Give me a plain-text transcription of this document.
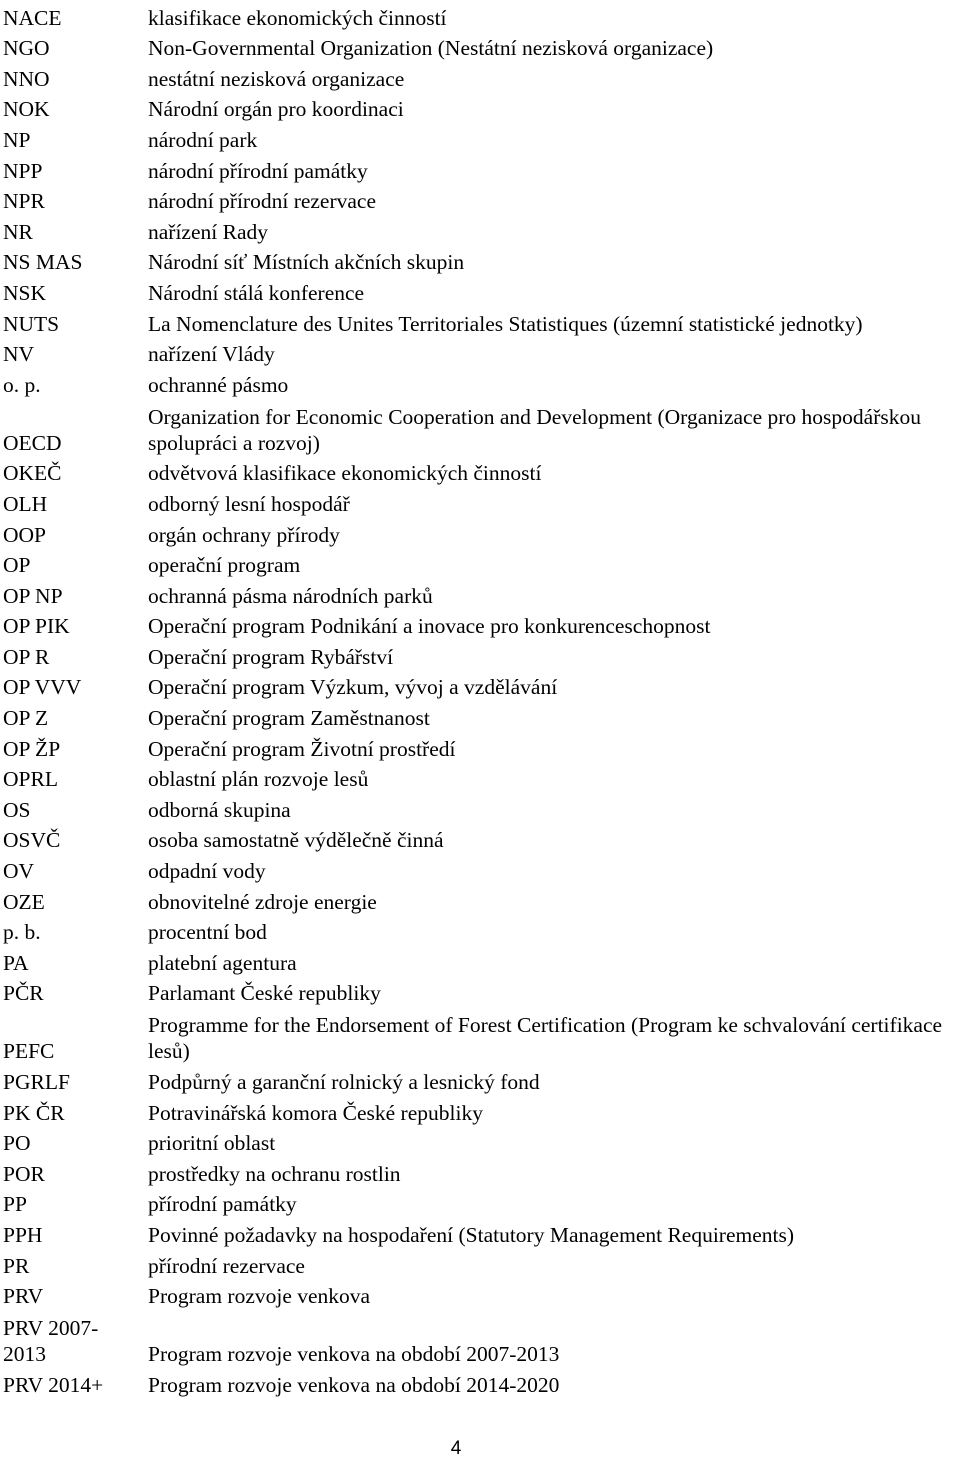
NACE	klasifikace ekonomických činností
NGO	Non-Governmental Organization (Nestátní nezisková organizace)
NNO	nestátní nezisková organizace
NOK	Národní orgán pro koordinaci
NP	národní park
NPP	národní přírodní památky
NPR	národní přírodní rezervace
NR	nařízení Rady
NS MAS	Národní síť Místních akčních skupin
NSK	Národní stálá konference
NUTS	La Nomenclature des Unites Territoriales Statistiques (územní statistické jednotky)
NV	nařízení Vlády
o. p.	ochranné pásmo
OECD	Organization for Economic Cooperation and Development (Organizace pro hospodářskou spolupráci a rozvoj)
OKEČ	odvětvová klasifikace ekonomických činností
OLH	odborný lesní hospodář
OOP	orgán ochrany přírody
OP	operační program
OP NP	ochranná pásma národních parků
OP PIK	Operační program Podnikání a inovace pro konkurenceschopnost
OP R	Operační program Rybářství
OP VVV	Operační program Výzkum, vývoj a vzdělávání
OP Z	Operační program Zaměstnanost
OP ŽP	Operační program Životní prostředí
OPRL	oblastní plán rozvoje lesů
OS	odborná skupina
OSVČ	osoba samostatně výdělečně činná
OV	odpadní vody
OZE	obnovitelné zdroje energie
p. b.	procentní bod
PA	platební agentura
PČR	Parlamant České republiky
PEFC	Programme for the Endorsement of Forest Certification (Program ke schvalování certifikace lesů)
PGRLF	Podpůrný a garanční rolnický a lesnický fond
PK ČR	Potravinářská komora České republiky
PO	prioritní oblast
POR	prostředky na ochranu rostlin
PP	přírodní památky
PPH	Povinné požadavky na hospodaření (Statutory Management Requirements)
PR	přírodní rezervace
PRV	Program rozvoje venkova
PRV 2007-2013	Program rozvoje venkova na období 2007-2013
PRV 2014+	Program rozvoje venkova na období 2014-2020
4
